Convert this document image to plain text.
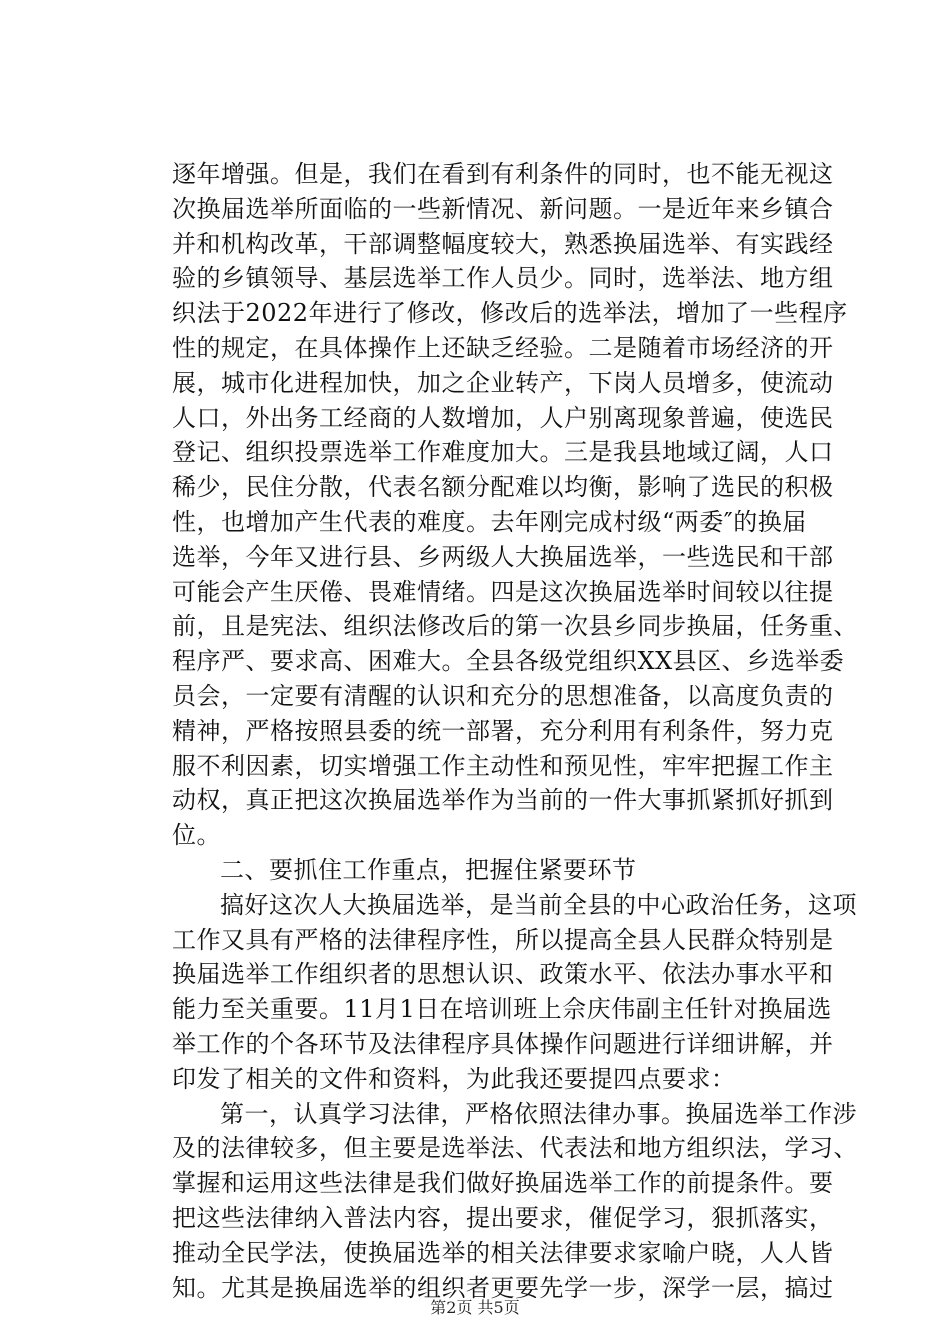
逐年增强。但是，我们在看到有利条件的同时，也不能无视这
次换届选举所面临的一些新情况、新问题。一是近年来乡镇合
并和机构改革，干部调整幅度较大，熟悉换届选举、有实践经
验的乡镇领导、基层选举工作人员少。同时，选举法、地方组
织法于2022年进行了修改，修改后的选举法，增加了一些程序
性的规定，在具体操作上还缺乏经验。二是随着市场经济的开
展，城市化进程加快，加之企业转产，下岗人员增多，使流动
人口，外出务工经商的人数增加，人户别离现象普遍，使选民
登记、组织投票选举工作难度加大。三是我县地域辽阔，人口
稀少，民住分散，代表名额分配难以均衡，影响了选民的积极
性，也增加产生代表的难度。去年刚完成村级“两委″的换届
选举，今年又进行县、乡两级人大换届选举，一些选民和干部
可能会产生厌倦、畏难情绪。四是这次换届选举时间较以往提
前，且是宪法、组织法修改后的第一次县乡同步换届，任务重、
程序严、要求高、困难大。全县各级党组织XX县区、乡选举委
员会，一定要有清醒的认识和充分的思想准备，以高度负责的
精神，严格按照县委的统一部署，充分利用有利条件，努力克
服不利因素，切实增强工作主动性和预见性，牢牢把握工作主
动权，真正把这次换届选举作为当前的一件大事抓紧抓好抓到
位。
二、要抓住工作重点，把握住紧要环节
搞好这次人大换届选举，是当前全县的中心政治任务，这项
工作又具有严格的法律程序性，所以提高全县人民群众特别是
换届选举工作组织者的思想认识、政策水平、依法办事水平和
能力至关重要。11月1日在培训班上佘庆伟副主任针对换届选
举工作的个各环节及法律程序具体操作问题进行详细讲解，并
印发了相关的文件和资料，为此我还要提四点要求：
第一，认真学习法律，严格依照法律办事。换届选举工作涉
及的法律较多，但主要是选举法、代表法和地方组织法，学习、
掌握和运用这些法律是我们做好换届选举工作的前提条件。要
把这些法律纳入普法内容，提出要求，催促学习，狠抓落实，
推动全民学法，使换届选举的相关法律要求家喻户晓，人人皆
知。尤其是换届选举的组织者更要先学一步，深学一层，搞过
第2页 共5页
